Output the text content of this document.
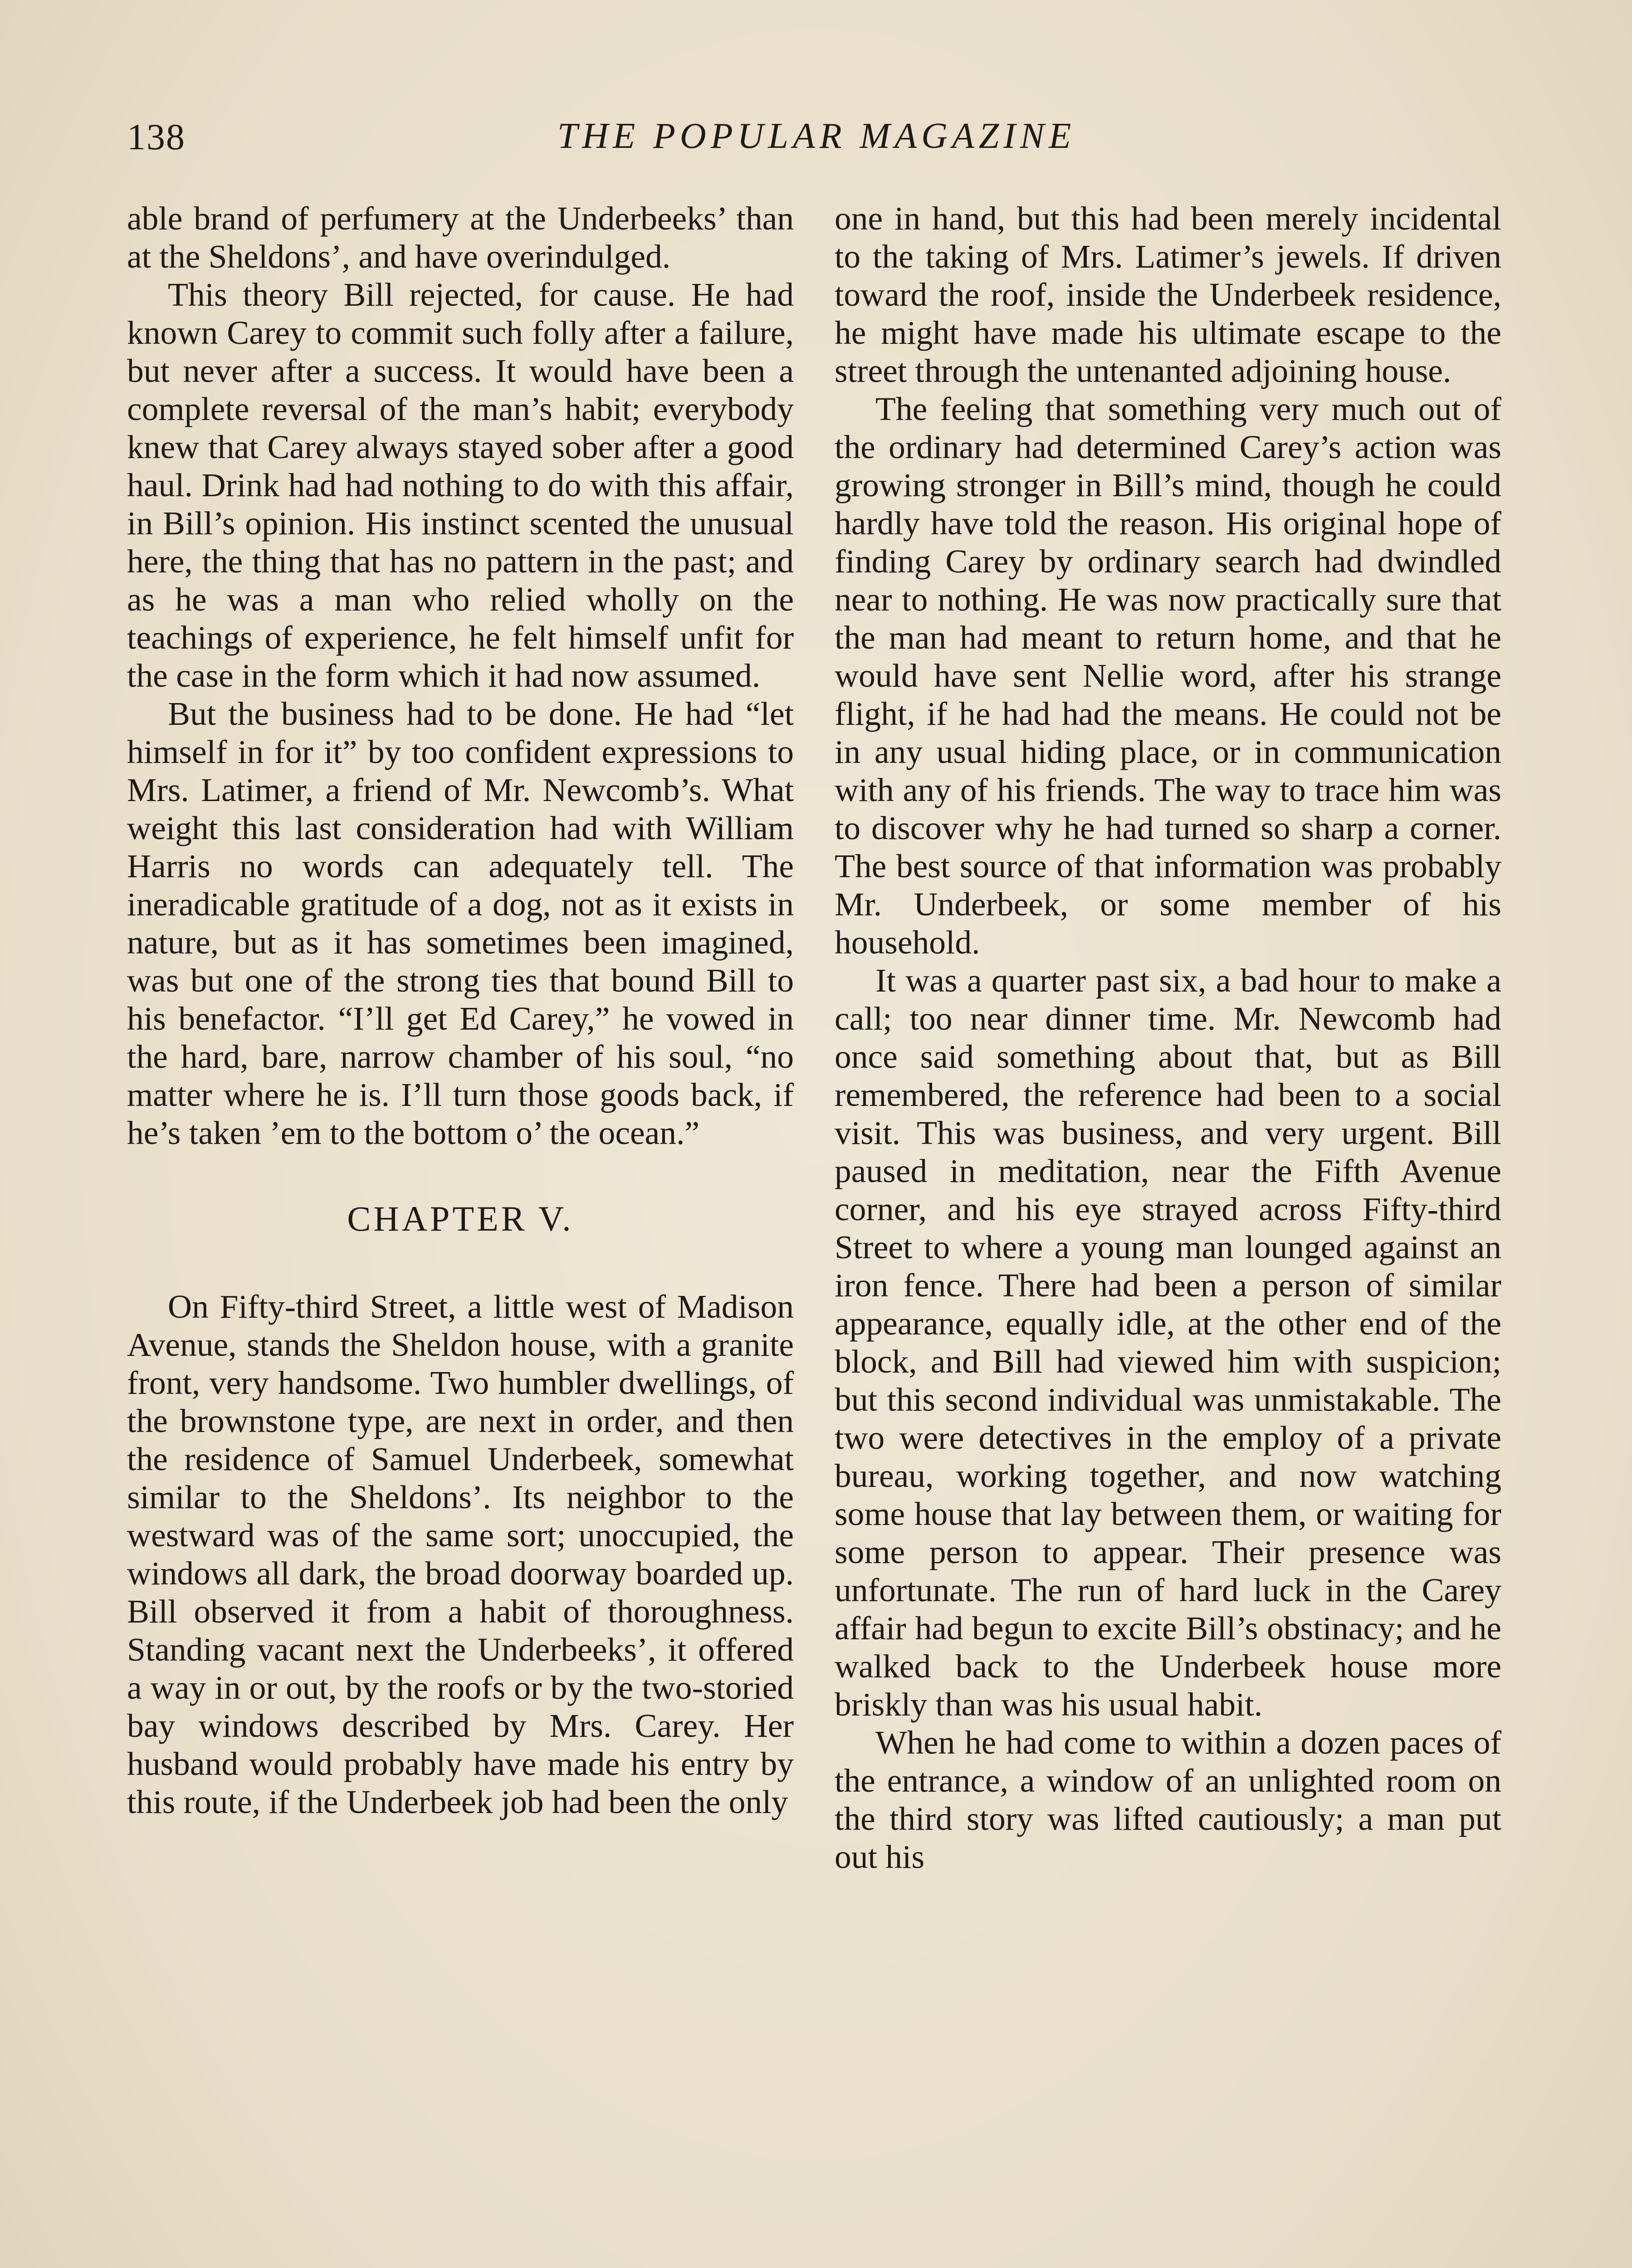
138	THE POPULAR MAGAZINE

able brand of perfumery at the Underbeeks’ than at the Sheldons’, and have overindulged.

This theory Bill rejected, for cause. He had known Carey to commit such folly after a failure, but never after a success. It would have been a complete reversal of the man’s habit; everybody knew that Carey always stayed sober after a good haul. Drink had had nothing to do with this affair, in Bill’s opinion. His instinct scented the unusual here, the thing that has no pattern in the past; and as he was a man who relied wholly on the teachings of experience, he felt himself unfit for the case in the form which it had now assumed.

But the business had to be done. He had “let himself in for it” by too confident expressions to Mrs. Latimer, a friend of Mr. Newcomb’s. What weight this last consideration had with William Harris no words can adequately tell. The ineradicable gratitude of a dog, not as it exists in nature, but as it has sometimes been imagined, was but one of the strong ties that bound Bill to his benefactor. “I’ll get Ed Carey,” he vowed in the hard, bare, narrow chamber of his soul, “no matter where he is. I’ll turn those goods back, if he’s taken ’em to the bottom o’ the ocean.”

CHAPTER V.

On Fifty-third Street, a little west of Madison Avenue, stands the Sheldon house, with a granite front, very handsome. Two humbler dwellings, of the brownstone type, are next in order, and then the residence of Samuel Underbeek, somewhat similar to the Sheldons’. Its neighbor to the westward was of the same sort; unoccupied, the windows all dark, the broad doorway boarded up. Bill observed it from a habit of thoroughness. Standing vacant next the Underbeeks’, it offered a way in or out, by the roofs or by the two-storied bay windows described by Mrs. Carey. Her husband would probably have made his entry by this route, if the Underbeek job had been the only

one in hand, but this had been merely incidental to the taking of Mrs. Latimer’s jewels. If driven toward the roof, inside the Underbeek residence, he might have made his ultimate escape to the street through the untenanted adjoining house.

The feeling that something very much out of the ordinary had determined Carey’s action was growing stronger in Bill’s mind, though he could hardly have told the reason. His original hope of finding Carey by ordinary search had dwindled near to nothing. He was now practically sure that the man had meant to return home, and that he would have sent Nellie word, after his strange flight, if he had had the means. He could not be in any usual hiding place, or in communication with any of his friends. The way to trace him was to discover why he had turned so sharp a corner. The best source of that information was probably Mr. Underbeek, or some member of his household.

It was a quarter past six, a bad hour to make a call; too near dinner time. Mr. Newcomb had once said something about that, but as Bill remembered, the reference had been to a social visit. This was business, and very urgent. Bill paused in meditation, near the Fifth Avenue corner, and his eye strayed across Fifty-third Street to where a young man lounged against an iron fence. There had been a person of similar appearance, equally idle, at the other end of the block, and Bill had viewed him with suspicion; but this second individual was unmistakable. The two were detectives in the employ of a private bureau, working together, and now watching some house that lay between them, or waiting for some person to appear. Their presence was unfortunate. The run of hard luck in the Carey affair had begun to excite Bill’s obstinacy; and he walked back to the Underbeek house more briskly than was his usual habit.

When he had come to within a dozen paces of the entrance, a window of an unlighted room on the third story was lifted cautiously; a man put out his
